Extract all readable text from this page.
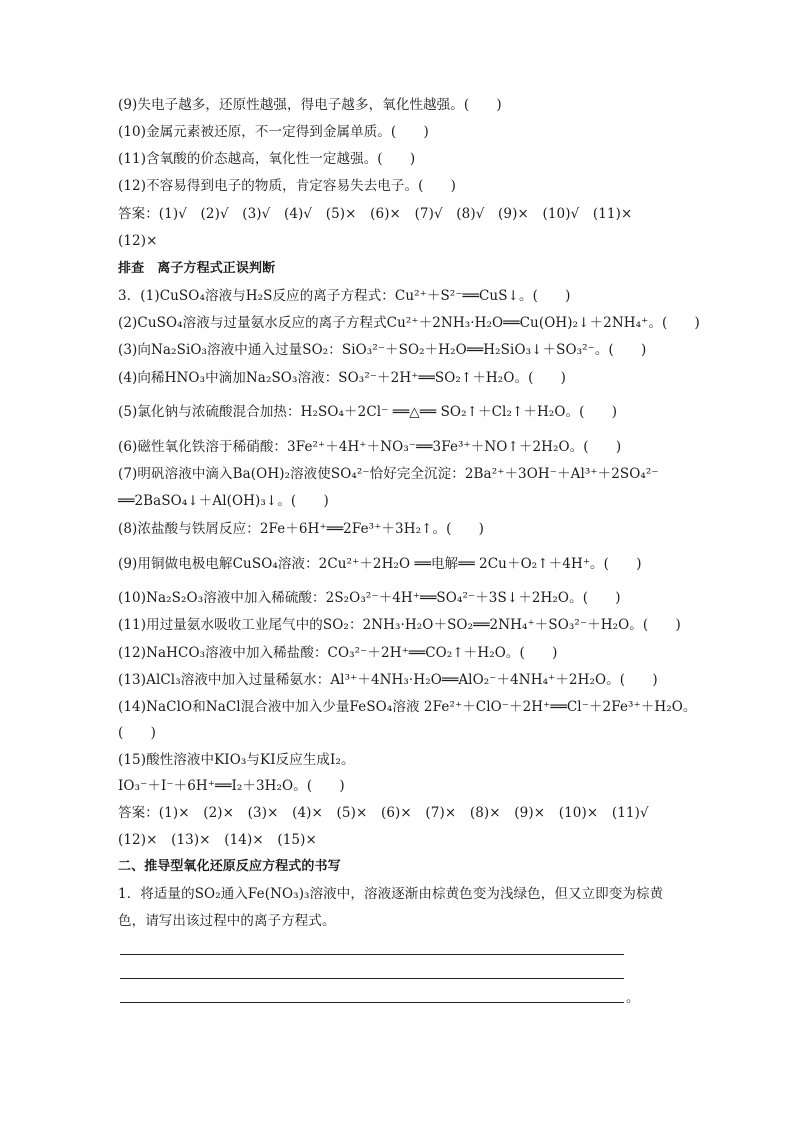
(9)失电子越多，还原性越强，得电子越多，氧化性越强。(　　)
(10)金属元素被还原，不一定得到金属单质。(　　)
(11)含氧酸的价态越高，氧化性一定越强。(　　)
(12)不容易得到电子的物质，肯定容易失去电子。(　　)
答案：(1)√　(2)√　(3)√　(4)√　(5)×　(6)×　(7)√　(8)√　(9)×　(10)√　(11)×
(12)×
排查　离子方程式正误判断
3．(1)CuSO₄溶液与H₂S反应的离子方程式：Cu²⁺＋S²⁻══CuS↓。(　　)
(2)CuSO₄溶液与过量氨水反应的离子方程式Cu²⁺＋2NH₃·H₂O══Cu(OH)₂↓＋2NH₄⁺。(　　)
(3)向Na₂SiO₃溶液中通入过量SO₂：SiO₃²⁻＋SO₂＋H₂O══H₂SiO₃↓＋SO₃²⁻。(　　)
(4)向稀HNO₃中滴加Na₂SO₃溶液：SO₃²⁻＋2H⁺══SO₂↑＋H₂O。(　　)
(5)氯化钠与浓硫酸混合加热：H₂SO₄＋2Cl⁻ ══△══ SO₂↑＋Cl₂↑＋H₂O。(　　)
(6)磁性氧化铁溶于稀硝酸：3Fe²⁺＋4H⁺＋NO₃⁻══3Fe³⁺＋NO↑＋2H₂O。(　　)
(7)明矾溶液中滴入Ba(OH)₂溶液使SO₄²⁻恰好完全沉淀：2Ba²⁺＋3OH⁻＋Al³⁺＋2SO₄²⁻
══2BaSO₄↓＋Al(OH)₃↓。(　　)
(8)浓盐酸与铁屑反应：2Fe＋6H⁺══2Fe³⁺＋3H₂↑。(　　)
(9)用铜做电极电解CuSO₄溶液：2Cu²⁺＋2H₂O ══电解══ 2Cu＋O₂↑＋4H⁺。(　　)
(10)Na₂S₂O₃溶液中加入稀硫酸：2S₂O₃²⁻＋4H⁺══SO₄²⁻＋3S↓＋2H₂O。(　　)
(11)用过量氨水吸收工业尾气中的SO₂：2NH₃·H₂O＋SO₂══2NH₄⁺＋SO₃²⁻＋H₂O。(　　)
(12)NaHCO₃溶液中加入稀盐酸：CO₃²⁻＋2H⁺══CO₂↑＋H₂O。(　　)
(13)AlCl₃溶液中加入过量稀氨水：Al³⁺＋4NH₃·H₂O══AlO₂⁻＋4NH₄⁺＋2H₂O。(　　)
(14)NaClO和NaCl混合液中加入少量FeSO₄溶液 2Fe²⁺＋ClO⁻＋2H⁺══Cl⁻＋2Fe³⁺＋H₂O。
(　　)
(15)酸性溶液中KIO₃与KI反应生成I₂。
IO₃⁻＋I⁻＋6H⁺══I₂＋3H₂O。(　　)
答案：(1)×　(2)×　(3)×　(4)×　(5)×　(6)×　(7)×　(8)×　(9)×　(10)×　(11)√
(12)×　(13)×　(14)×　(15)×
二、推导型氧化还原反应方程式的书写
1．将适量的SO₂通入Fe(NO₃)₃溶液中，溶液逐渐由棕黄色变为浅绿色，但又立即变为棕黄
色，请写出该过程中的离子方程式。
。
